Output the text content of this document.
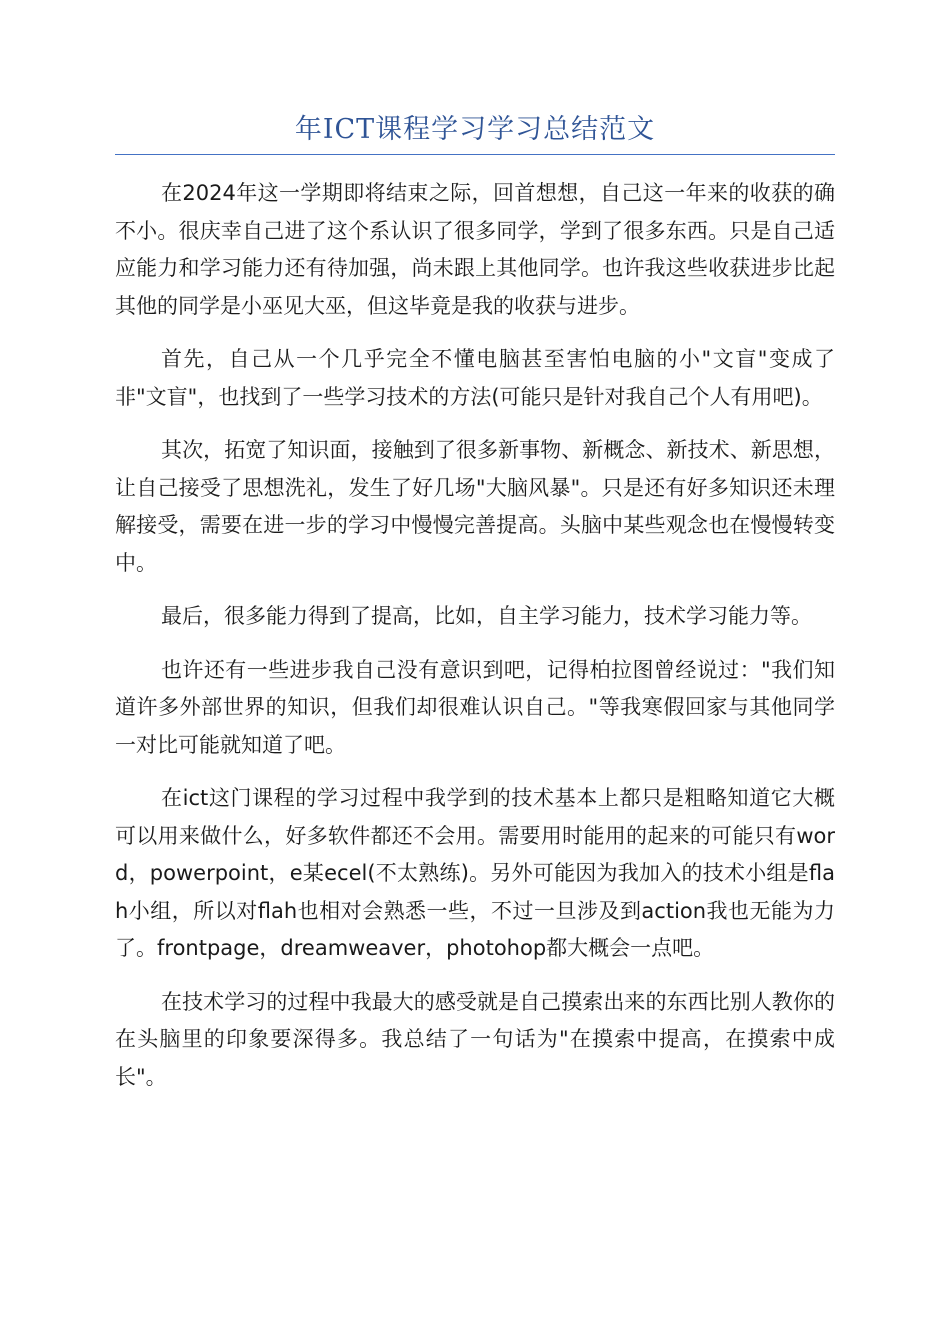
年ICT课程学习学习总结范文

在2024年这一学期即将结束之际，回首想想，自己这一年来的收获的确不小。很庆幸自己进了这个系认识了很多同学，学到了很多东西。只是自己适应能力和学习能力还有待加强，尚未跟上其他同学。也许我这些收获进步比起其他的同学是小巫见大巫，但这毕竟是我的收获与进步。

首先，自己从一个几乎完全不懂电脑甚至害怕电脑的小"文盲"变成了非"文盲"，也找到了一些学习技术的方法(可能只是针对我自己个人有用吧)。

其次，拓宽了知识面，接触到了很多新事物、新概念、新技术、新思想，让自己接受了思想洗礼，发生了好几场"大脑风暴"。只是还有好多知识还未理解接受，需要在进一步的学习中慢慢完善提高。头脑中某些观念也在慢慢转变中。

最后，很多能力得到了提高，比如，自主学习能力，技术学习能力等。

也许还有一些进步我自己没有意识到吧，记得柏拉图曾经说过："我们知道许多外部世界的知识，但我们却很难认识自己。"等我寒假回家与其他同学一对比可能就知道了吧。

在ict这门课程的学习过程中我学到的技术基本上都只是粗略知道它大概可以用来做什么，好多软件都还不会用。需要用时能用的起来的可能只有word，powerpoint，e某ecel(不太熟练)。另外可能因为我加入的技术小组是flah小组，所以对flah也相对会熟悉一些，不过一旦涉及到action我也无能为力了。frontpage，dreamweaver，photohop都大概会一点吧。

在技术学习的过程中我最大的感受就是自己摸索出来的东西比别人教你的在头脑里的印象要深得多。我总结了一句话为"在摸索中提高，在摸索中成长"。
